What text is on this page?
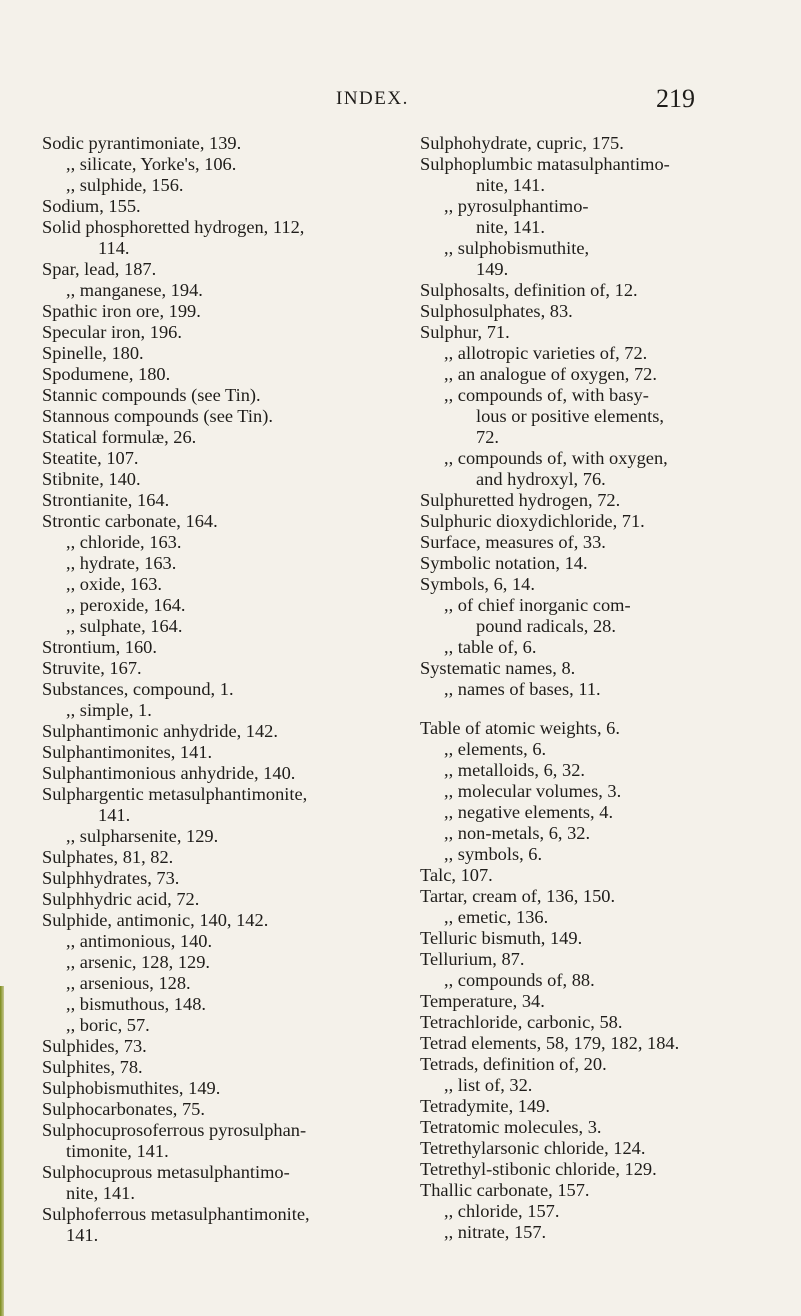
INDEX.	219
Sodic pyrantimoniate, 139.
,, silicate, Yorke's, 106.
,, sulphide, 156.
Sodium, 155.
Solid phosphoretted hydrogen, 112,
114.
Spar, lead, 187.
,, manganese, 194.
Spathic iron ore, 199.
Specular iron, 196.
Spinelle, 180.
Spodumene, 180.
Stannic compounds (see Tin).
Stannous compounds (see Tin).
Statical formulæ, 26.
Steatite, 107.
Stibnite, 140.
Strontianite, 164.
Strontic carbonate, 164.
,, chloride, 163.
,, hydrate, 163.
,, oxide, 163.
,, peroxide, 164.
,, sulphate, 164.
Strontium, 160.
Struvite, 167.
Substances, compound, 1.
,, simple, 1.
Sulphantimonic anhydride, 142.
Sulphantimonites, 141.
Sulphantimonious anhydride, 140.
Sulphargentic metasulphantimonite,
141.
,, sulpharsenite, 129.
Sulphates, 81, 82.
Sulphhydrates, 73.
Sulphhydric acid, 72.
Sulphide, antimonic, 140, 142.
,, antimonious, 140.
,, arsenic, 128, 129.
,, arsenious, 128.
,, bismuthous, 148.
,, boric, 57.
Sulphides, 73.
Sulphites, 78.
Sulphobismuthites, 149.
Sulphocarbonates, 75.
Sulphocuprosoferrous pyrosulphan-
timonite, 141.
Sulphocuprous metasulphantimo-
nite, 141.
Sulphoferrous metasulphantimonite,
141.
Sulphohydrate, cupric, 175.
Sulphoplumbic matasulphantimo-
nite, 141.
,, pyrosulphantimo-
nite, 141.
,, sulphobismuthite,
149.
Sulphosalts, definition of, 12.
Sulphosulphates, 83.
Sulphur, 71.
,, allotropic varieties of, 72.
,, an analogue of oxygen, 72.
,, compounds of, with basy-
lous or positive elements,
72.
,, compounds of, with oxygen,
and hydroxyl, 76.
Sulphuretted hydrogen, 72.
Sulphuric dioxydichloride, 71.
Surface, measures of, 33.
Symbolic notation, 14.
Symbols, 6, 14.
,, of chief inorganic com-
pound radicals, 28.
,, table of, 6.
Systematic names, 8.
,, names of bases, 11.
Table of atomic weights, 6.
,, elements, 6.
,, metalloids, 6, 32.
,, molecular volumes, 3.
,, negative elements, 4.
,, non-metals, 6, 32.
,, symbols, 6.
Talc, 107.
Tartar, cream of, 136, 150.
,, emetic, 136.
Telluric bismuth, 149.
Tellurium, 87.
,, compounds of, 88.
Temperature, 34.
Tetrachloride, carbonic, 58.
Tetrad elements, 58, 179, 182, 184.
Tetrads, definition of, 20.
,, list of, 32.
Tetradymite, 149.
Tetratomic molecules, 3.
Tetrethylarsonic chloride, 124.
Tetrethyl-stibonic chloride, 129.
Thallic carbonate, 157.
,, chloride, 157.
,, nitrate, 157.
